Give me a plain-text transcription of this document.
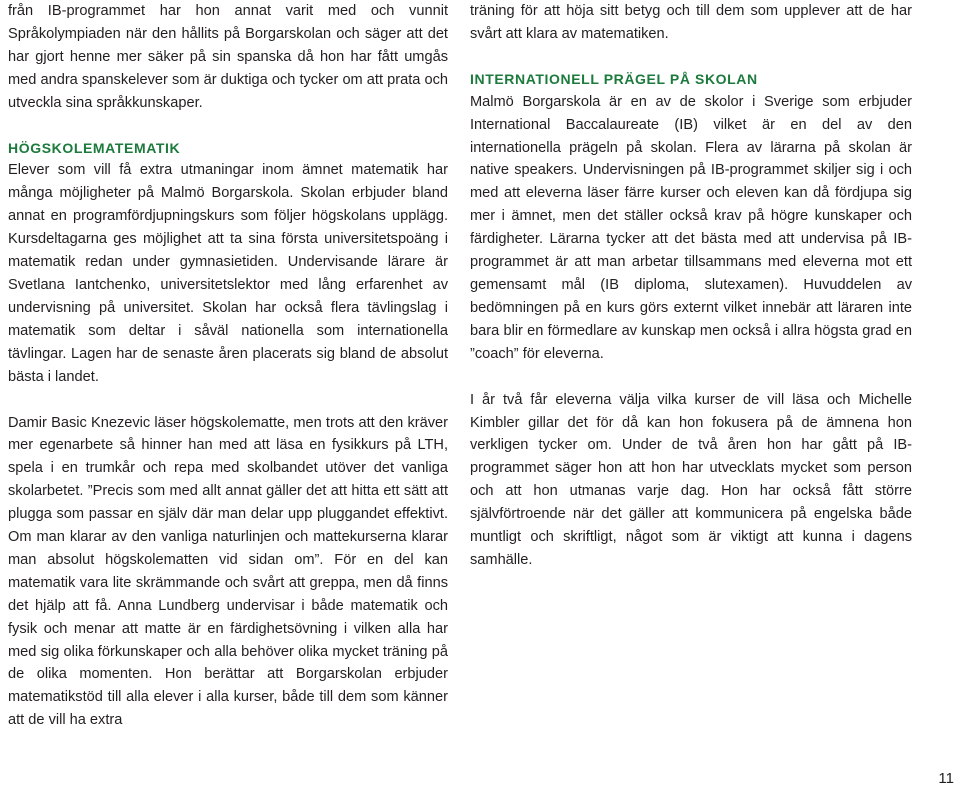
från IB-programmet har hon annat varit med och vunnit Språkolympiaden när den hållits på Borgarskolan och säger att det har gjort henne mer säker på sin spanska då hon har fått umgås med andra spanskelever som är duktiga och tycker om att prata och utveckla sina språkkunskaper.

HÖGSKOLEMATEMATIK

Elever som vill få extra utmaningar inom ämnet matematik har många möjligheter på Malmö Borgarskola. Skolan erbjuder bland annat en programfördjupningskurs som följer högskolans upplägg. Kursdeltagarna ges möjlighet att ta sina första universitetspoäng i matematik redan under gymnasietiden. Undervisande lärare är Svetlana Iantchenko, universitetslektor med lång erfarenhet av undervisning på universitet. Skolan har också flera tävlingslag i matematik som deltar i såväl nationella som internationella tävlingar. Lagen har de senaste åren placerats sig bland de absolut bästa i landet.

Damir Basic Knezevic läser högskolematte, men trots att den kräver mer egenarbete så hinner han med att läsa en fysikkurs på LTH, spela i en trumkår och repa med skolbandet utöver det vanliga skolarbetet. ”Precis som med allt annat gäller det att hitta ett sätt att plugga som passar en själv där man delar upp pluggandet effektivt. Om man klarar av den vanliga naturlinjen och mattekurserna klarar man absolut högskolematten vid sidan om”. För en del kan matematik vara lite skrämmande och svårt att greppa, men då finns det hjälp att få. Anna Lundberg undervisar i både matematik och fysik och menar att matte är en färdighetsövning i vilken alla har med sig olika förkunskaper och alla behöver olika mycket träning på de olika momenten. Hon berättar att Borgarskolan erbjuder matematikstöd till alla elever i alla kurser, både till dem som känner att de vill ha extra

träning för att höja sitt betyg och till dem som upplever att de har svårt att klara av matematiken.

INTERNATIONELL PRÄGEL PÅ SKOLAN

Malmö Borgarskola är en av de skolor i Sverige som erbjuder International Baccalaureate (IB) vilket är en del av den internationella prägeln på skolan. Flera av lärarna på skolan är native speakers. Undervisningen på IB-programmet skiljer sig i och med att eleverna läser färre kurser och eleven kan då fördjupa sig mer i ämnet, men det ställer också krav på högre kunskaper och färdigheter. Lärarna tycker att det bästa med att undervisa på IB-programmet är att man arbetar tillsammans med eleverna mot ett gemensamt mål (IB diploma, slutexamen). Huvuddelen av bedömningen på en kurs görs externt vilket innebär att läraren inte bara blir en förmedlare av kunskap men också i allra högsta grad en ”coach” för eleverna.

I år två får eleverna välja vilka kurser de vill läsa och Michelle Kimbler gillar det för då kan hon fokusera på de ämnena hon verkligen tycker om. Under de två åren hon har gått på IB-programmet säger hon att hon har utvecklats mycket som person och att hon utmanas varje dag. Hon har också fått större självförtroende när det gäller att kommunicera på engelska både muntligt och skriftligt, något som är viktigt att kunna i dagens samhälle.

11
